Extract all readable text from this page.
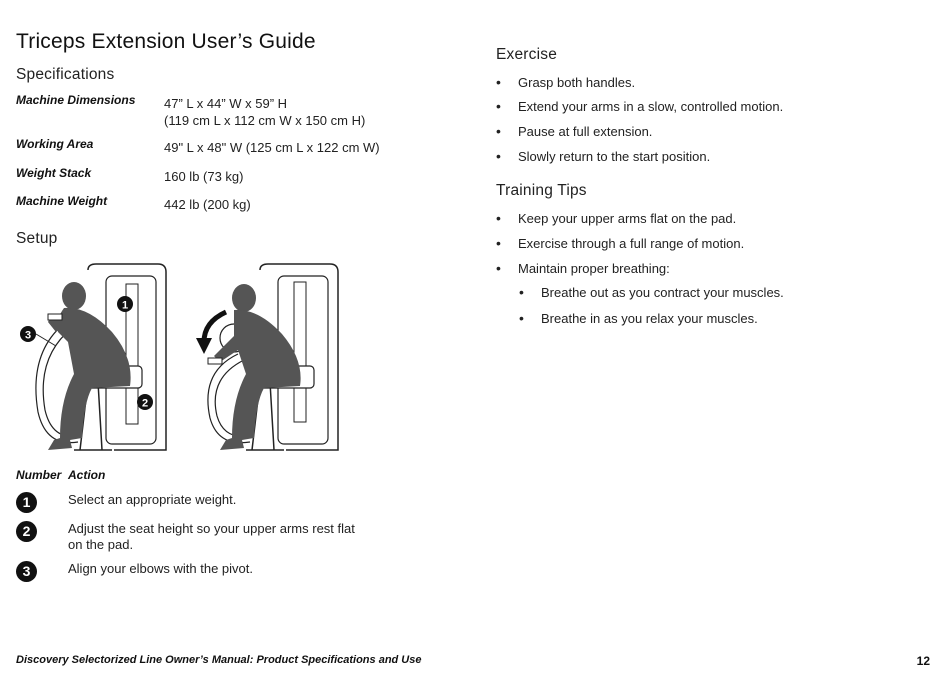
Triceps Extension User’s Guide
Specifications
Machine Dimensions 47” L x 44” W x 59” H
(119 cm L x 112 cm W x 150 cm H)
Working Area	49" L x 48" W (125 cm L x 122 cm W)
Weight Stack	160 lb (73 kg)
Machine Weight	442 lb (200 kg)
Setup
1
2
3
Number Action
1	Select an appropriate weight.
2	Adjust the seat height so your upper arms rest flat on the pad.
3	Align your elbows with the pivot.
Exercise
• Grasp both handles.
• Extend your arms in a slow, controlled motion.
• Pause at full extension.
• Slowly return to the start position.
Training Tips
• Keep your upper arms flat on the pad.
• Exercise through a full range of motion.
• Maintain proper breathing:
• Breathe out as you contract your muscles.
• Breathe in as you relax your muscles.
Discovery Selectorized Line Owner’s Manual: Product Specifications and Use	12
